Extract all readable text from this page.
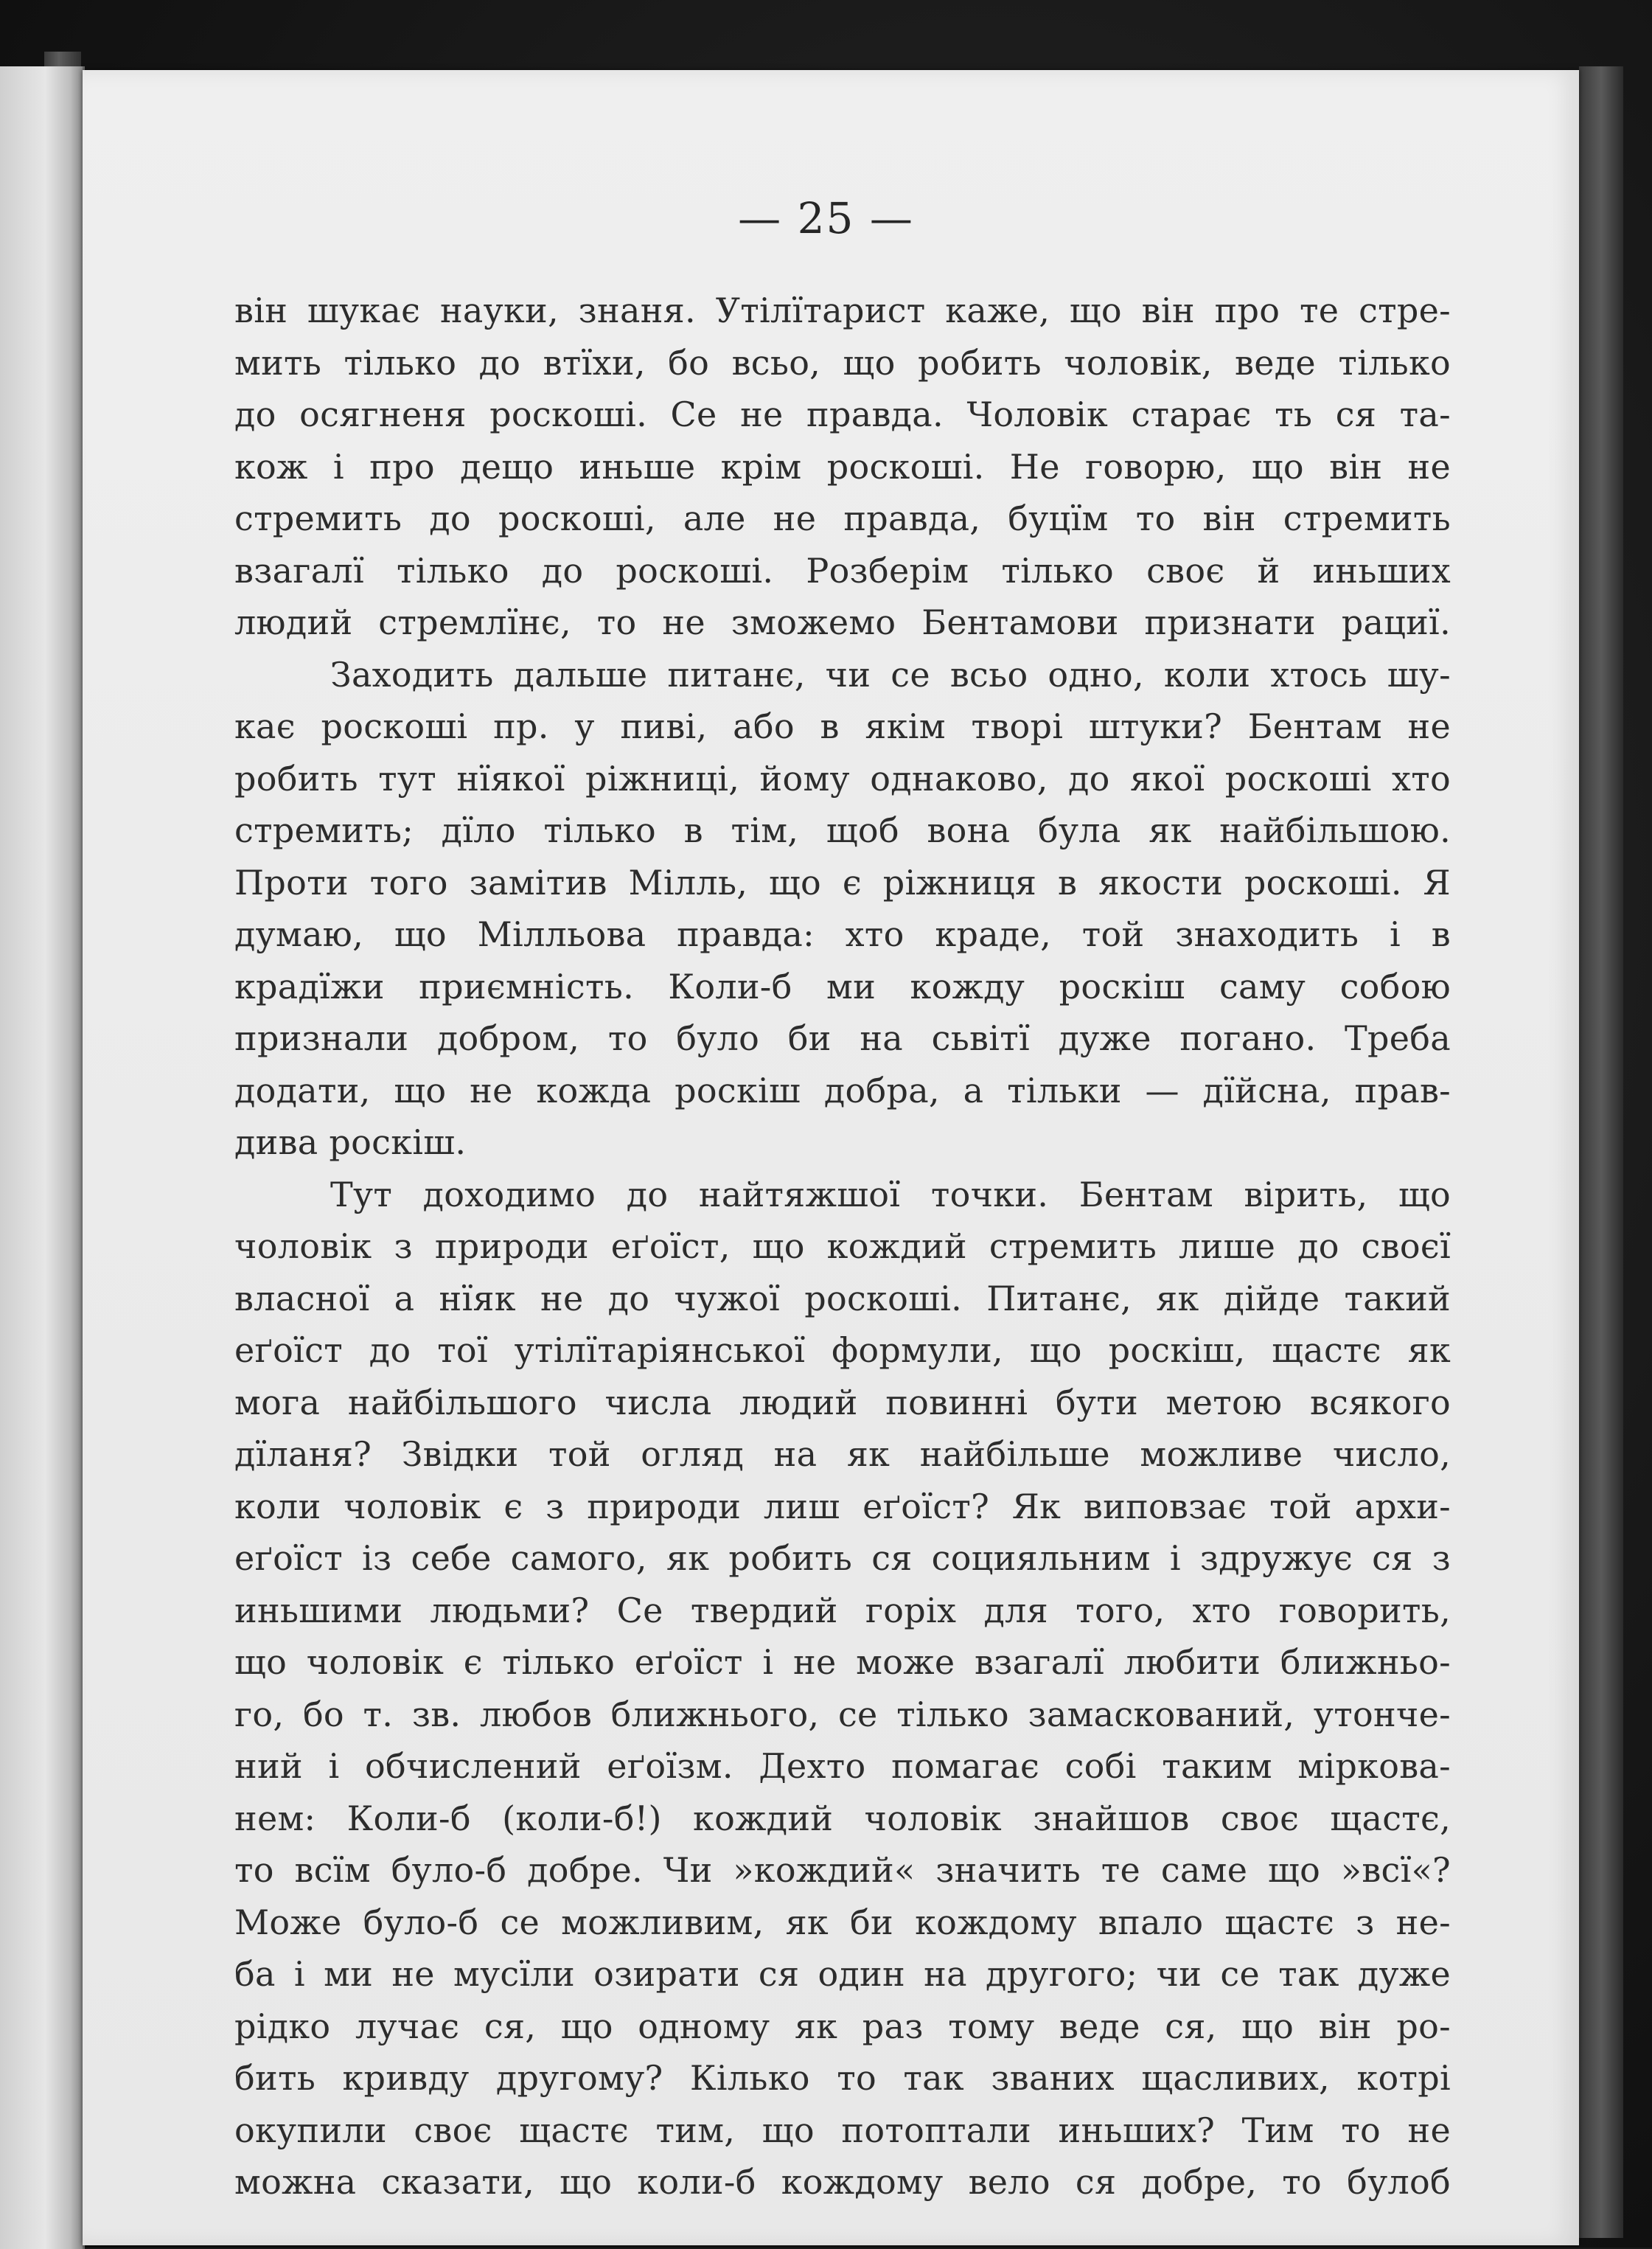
— 25 —
він шукає науки, знаня. Утілїтарист каже, що він про те стре-
мить тілько до втїхи, бо всьо, що робить чоловік, веде тілько
до осягненя роскоші. Се не правда. Чоловік старає ть ся та-
кож і про дещо иньше крім роскоші. Не говорю, що він не
стремить до роскоші, але не правда, буцїм то він стремить
взагалї тілько до роскоші. Розберім тілько своє й иньших
людий стремлїнє, то не зможемо Бентамови признати рациї.
Заходить дальше питанє, чи се всьо одно, коли хтось шу-
кає роскоші пр. у пиві, або в якім творі штуки? Бентам не
робить тут нїякої ріжниці, йому однаково, до якої роскоші хто
стремить; дїло тілько в тім, щоб вона була як найбільшою.
Проти того замітив Мілль, що є ріжниця в якости роскоші. Я
думаю, що Мілльова правда: хто краде, той знаходить і в
крадїжи приємність. Коли-б ми кожду роскіш саму собою
признали добром, то було би на сьвітї дуже погано. Треба
додати, що не кожда роскіш добра, а тільки — дїйсна, прав-
дива роскіш.
Тут доходимо до найтяжшої точки. Бентам вірить, що
чоловік з природи еґоїст, що кождий стремить лише до своєї
власної а нїяк не до чужої роскоші. Питанє, як дійде такий
еґоїст до тої утілїтаріянської формули, що роскіш, щастє як
мога найбільшого числа людий повинні бути метою всякого
дїланя? Звідки той огляд на як найбільше можливе число,
коли чоловік є з природи лиш еґоїст? Як виповзає той архи-
еґоїст із себе самого, як робить ся социяльним і здружує ся з
иньшими людьми? Се твердий горіх для того, хто говорить,
що чоловік є тілько еґоїст і не може взагалї любити ближньо-
го, бо т. зв. любов ближнього, се тілько замаскований, утонче-
ний і обчислений еґоїзм. Дехто помагає собі таким міркова-
нем: Коли-б (коли-б!) кождий чоловік знайшов своє щастє,
то всїм було-б добре. Чи »кождий« значить те саме що »всї«?
Може було-б се можливим, як би кождому впало щастє з не-
ба і ми не мусїли озирати ся один на другого; чи се так дуже
рідко лучає ся, що одному як раз тому веде ся, що він ро-
бить кривду другому? Кілько то так званих щасливих, котрі
окупили своє щастє тим, що потоптали иньших? Тим то не
можна сказати, що коли-б кождому вело ся добре, то булоб
